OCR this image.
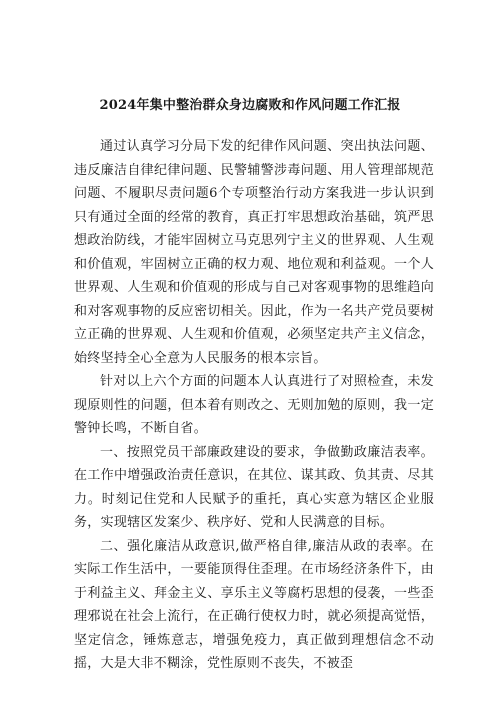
2024年集中整治群众身边腐败和作风问题工作汇报

通过认真学习分局下发的纪律作风问题、突出执法问题、违反廉洁自律纪律问题、民警辅警涉毒问题、用人管理部规范问题、不履职尽责问题6个专项整治行动方案我进一步认识到只有通过全面的经常的教育，真正打牢思想政治基础，筑严思想政治防线，才能牢固树立马克思列宁主义的世界观、人生观和价值观，牢固树立正确的权力观、地位观和利益观。一个人世界观、人生观和价值观的形成与自己对客观事物的思维趋向和对客观事物的反应密切相关。因此，作为一名共产党员要树立正确的世界观、人生观和价值观，必须坚定共产主义信念，始终坚持全心全意为人民服务的根本宗旨。

针对以上六个方面的问题本人认真进行了对照检查，未发现原则性的问题，但本着有则改之、无则加勉的原则，我一定警钟长鸣，不断自省。

一、按照党员干部廉政建设的要求，争做勤政廉洁表率。在工作中增强政治责任意识，在其位、谋其政、负其责、尽其力。时刻记住党和人民赋予的重托，真心实意为辖区企业服务，实现辖区发案少、秩序好、党和人民满意的目标。

二、强化廉洁从政意识,做严格自律,廉洁从政的表率。在实际工作生活中，一要能顶得住歪理。在市场经济条件下，由于利益主义、拜金主义、享乐主义等腐朽思想的侵袭，一些歪理邪说在社会上流行，在正确行使权力时，就必须提高觉悟，坚定信念，锤炼意志，增强免疫力，真正做到理想信念不动摇，大是大非不糊涂，党性原则不丧失，不被歪
